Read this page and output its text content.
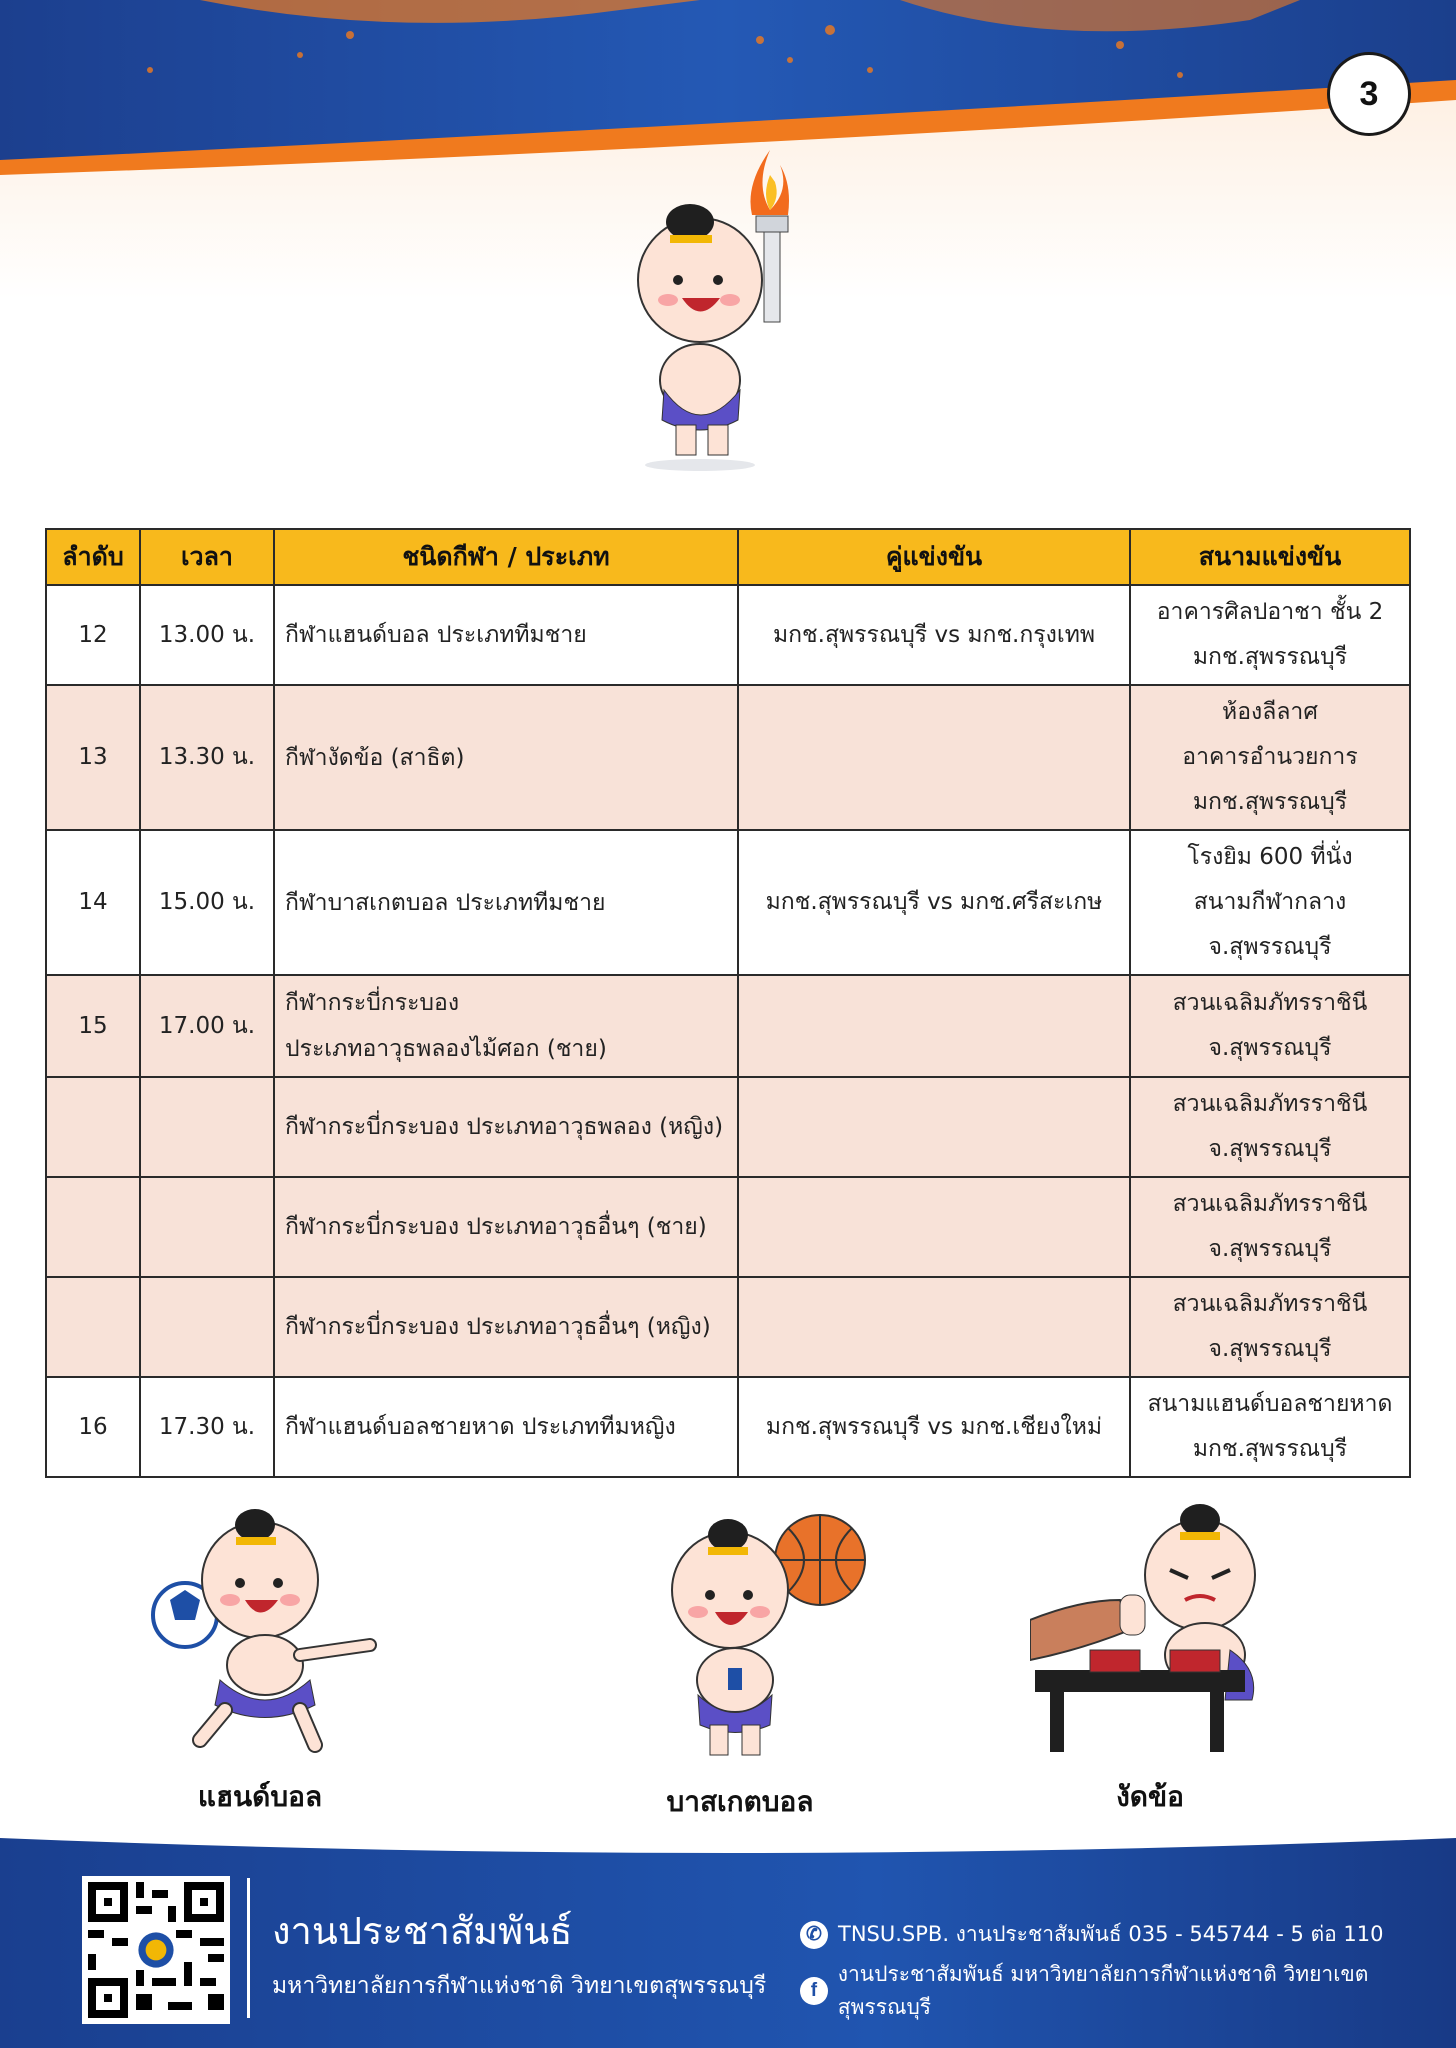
3
ลำดับ	เวลา	ชนิดกีฬา / ประเภท	คู่แข่งขัน	สนามแข่งขัน
12	13.00 น.	กีฬาแฮนด์บอล ประเภททีมชาย	มกช.สุพรรณบุรี vs มกช.กรุงเทพ	อาคารศิลปอาชา ชั้น 2
มกช.สุพรรณบุรี

13	13.30 น.	กีฬางัดข้อ (สาธิต)		ห้องลีลาศ
อาคารอำนวยการ
มกช.สุพรรณบุรี

14	15.00 น.	กีฬาบาสเกตบอล ประเภททีมชาย	มกช.สุพรรณบุรี vs มกช.ศรีสะเกษ	โรงยิม 600 ที่นั่ง
สนามกีฬากลาง
จ.สุพรรณบุรี

15	17.00 น.	กีฬากระบี่กระบอง
ประเภทอาวุธพลองไม้ศอก (ชาย)		สวนเฉลิมภัทรราชินี
จ.สุพรรณบุรี

		กีฬากระบี่กระบอง ประเภทอาวุธพลอง (หญิง)		สวนเฉลิมภัทรราชินี
จ.สุพรรณบุรี

		กีฬากระบี่กระบอง ประเภทอาวุธอื่นๆ (ชาย)		สวนเฉลิมภัทรราชินี
จ.สุพรรณบุรี

		กีฬากระบี่กระบอง ประเภทอาวุธอื่นๆ (หญิง)		สวนเฉลิมภัทรราชินี
จ.สุพรรณบุรี

16	17.30 น.	กีฬาแฮนด์บอลชายหาด ประเภททีมหญิง	มกช.สุพรรณบุรี vs มกช.เชียงใหม่	สนามแฮนด์บอลชายหาด
มกช.สุพรรณบุรี
แฮนด์บอล	บาสเกตบอล	งัดข้อ
งานประชาสัมพันธ์
มหาวิทยาลัยการกีฬาแห่งชาติ วิทยาเขตสุพรรณบุรี
✆ TNSU.SPB. งานประชาสัมพันธ์ 035 - 545744 - 5 ต่อ 110
f
งานประชาสัมพันธ์ มหาวิทยาลัยการกีฬาแห่งชาติ วิทยาเขตสุพรรณบุรี
